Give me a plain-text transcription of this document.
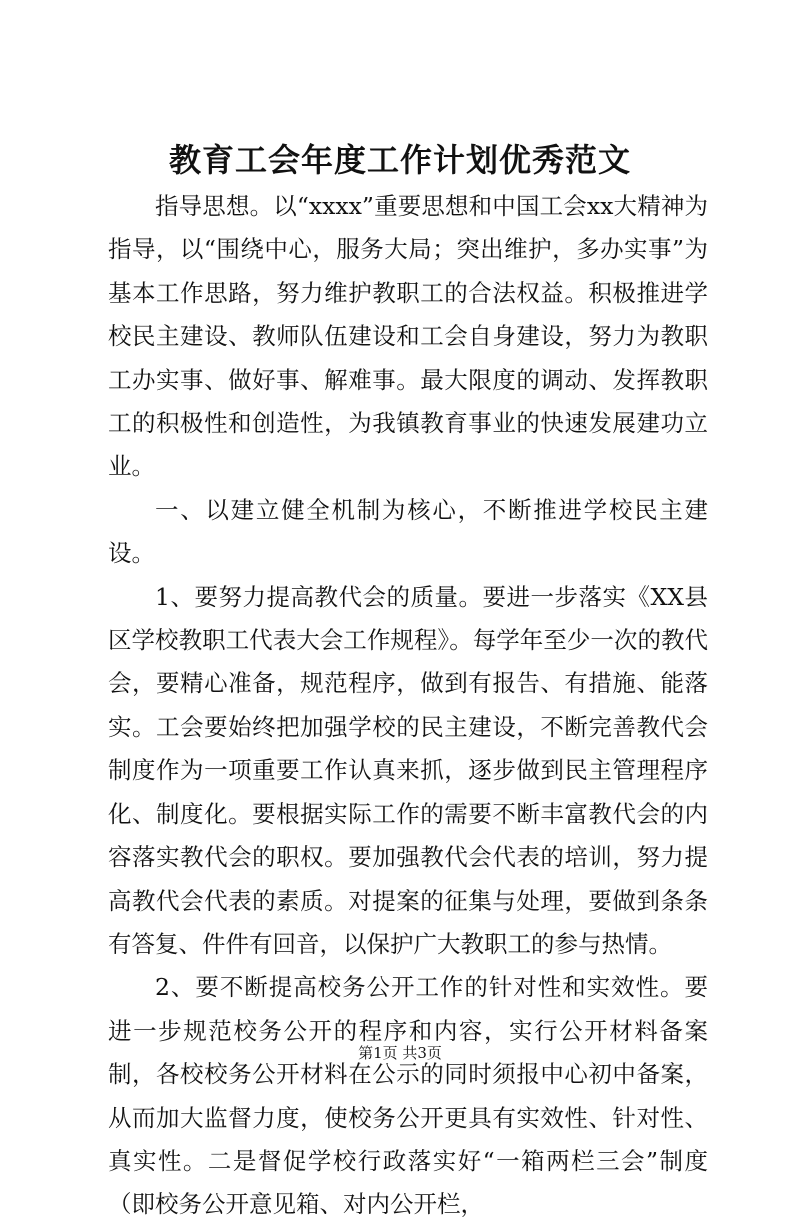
教育工会年度工作计划优秀范文

指导思想。以“xxxx”重要思想和中国工会xx大精神为指导，以“围绕中心，服务大局；突出维护，多办实事”为基本工作思路，努力维护教职工的合法权益。积极推进学校民主建设、教师队伍建设和工会自身建设，努力为教职工办实事、做好事、解难事。最大限度的调动、发挥教职工的积极性和创造性，为我镇教育事业的快速发展建功立业。

一、以建立健全机制为核心，不断推进学校民主建设。

1、要努力提高教代会的质量。要进一步落实《XX县区学校教职工代表大会工作规程》。每学年至少一次的教代会，要精心准备，规范程序，做到有报告、有措施、能落实。工会要始终把加强学校的民主建设，不断完善教代会制度作为一项重要工作认真来抓，逐步做到民主管理程序化、制度化。要根据实际工作的需要不断丰富教代会的内容落实教代会的职权。要加强教代会代表的培训，努力提高教代会代表的素质。对提案的征集与处理，要做到条条有答复、件件有回音，以保护广大教职工的参与热情。

2、要不断提高校务公开工作的针对性和实效性。要进一步规范校务公开的程序和内容，实行公开材料备案制，各校校务公开材料在公示的同时须报中心初中备案，从而加大监督力度，使校务公开更具有实效性、针对性、真实性。二是督促学校行政落实好“一箱两栏三会”制度（即校务公开意见箱、对内公开栏，

第1页 共3页
